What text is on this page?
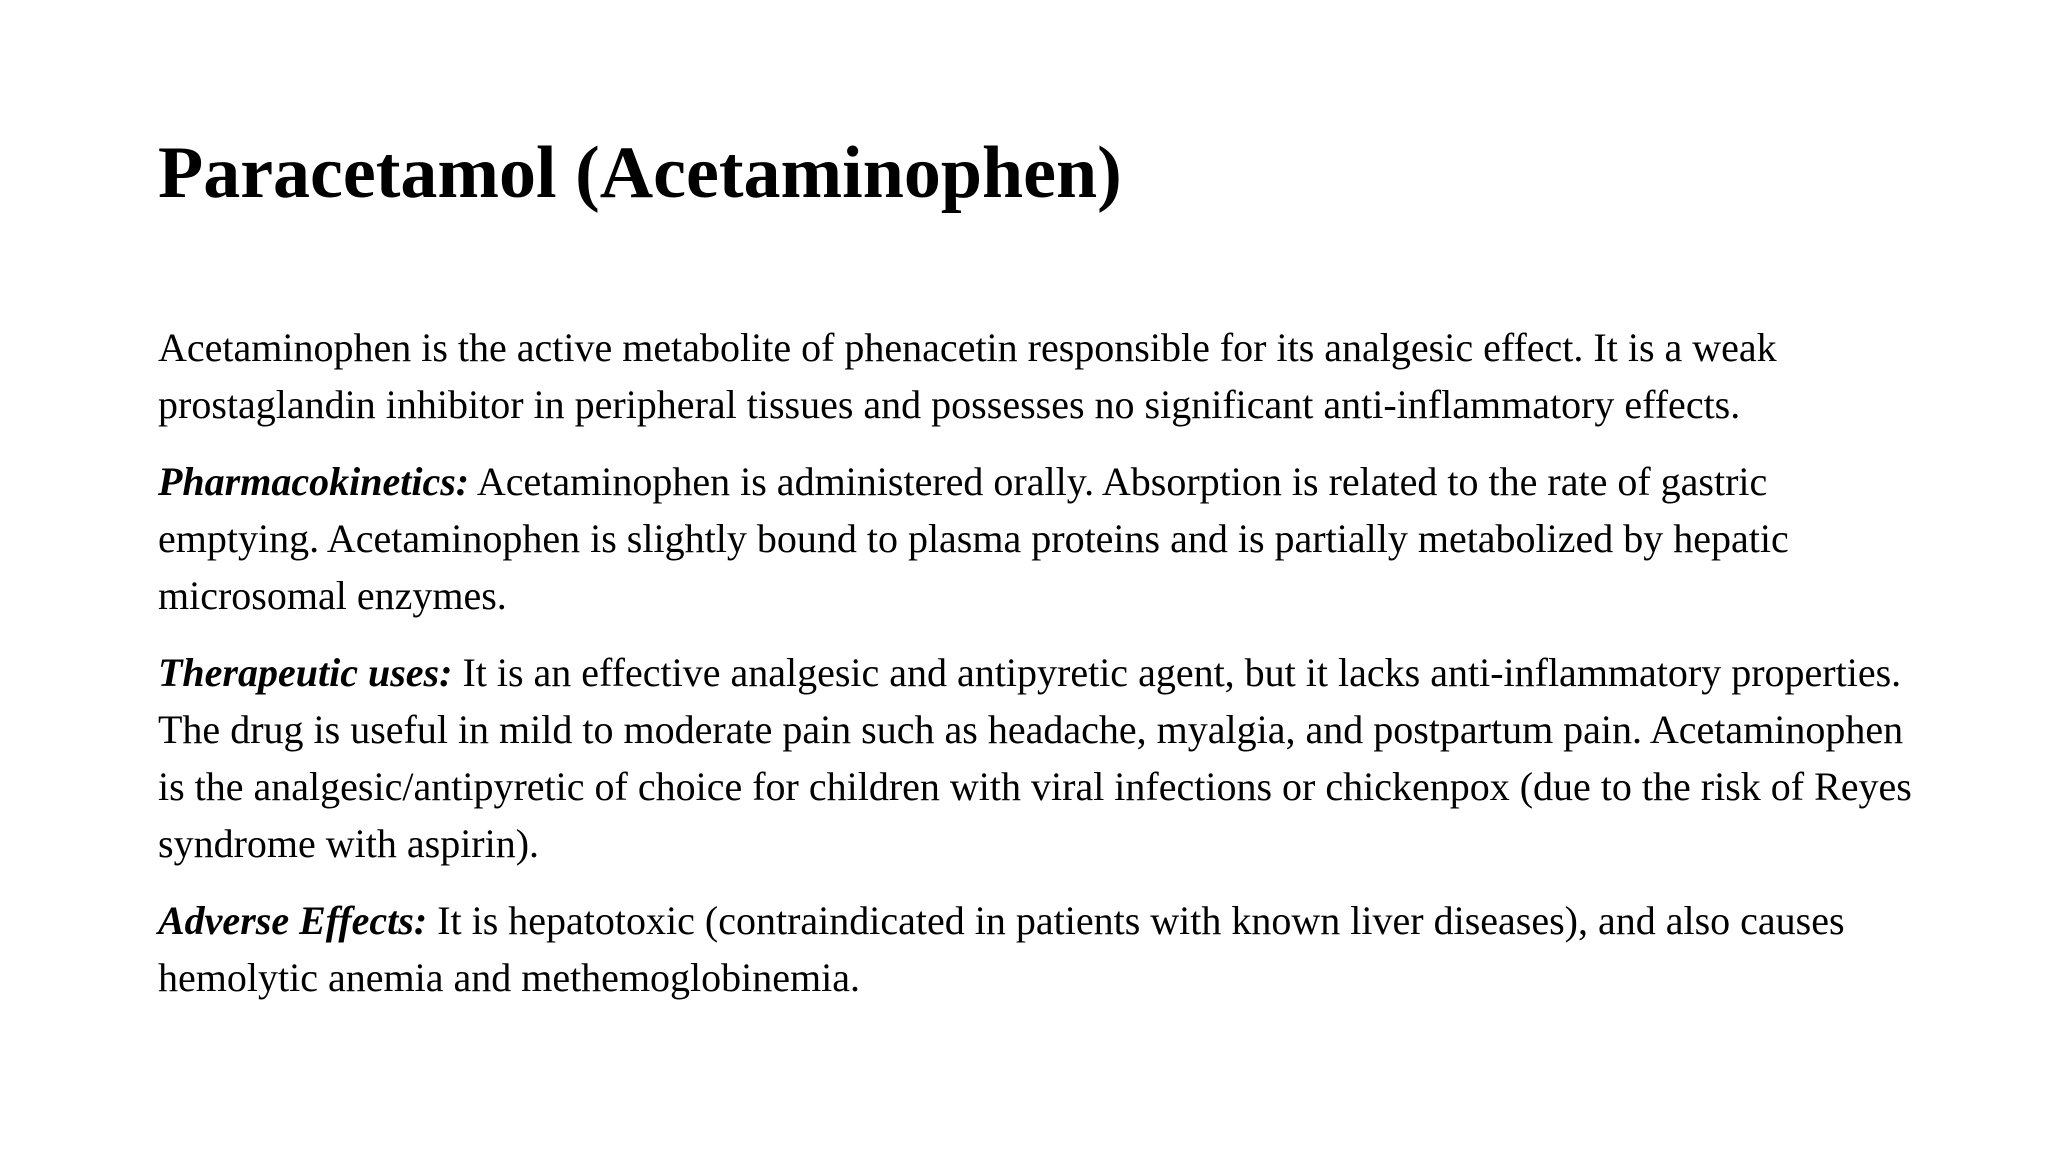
Paracetamol (Acetaminophen)

Acetaminophen is the active metabolite of phenacetin responsible for its analgesic effect. It is a weak prostaglandin inhibitor in peripheral tissues and possesses no significant anti-inflammatory effects.

Pharmacokinetics: Acetaminophen is administered orally. Absorption is related to the rate of gastric emptying. Acetaminophen is slightly bound to plasma proteins and is partially metabolized by hepatic microsomal enzymes.

Therapeutic uses: It is an effective analgesic and antipyretic agent, but it lacks anti-inflammatory properties. The drug is useful in mild to moderate pain such as headache, myalgia, and postpartum pain. Acetaminophen is the analgesic/antipyretic of choice for children with viral infections or chickenpox (due to the risk of Reyes syndrome with aspirin).

Adverse Effects: It is hepatotoxic (contraindicated in patients with known liver diseases), and also causes hemolytic anemia and methemoglobinemia.
